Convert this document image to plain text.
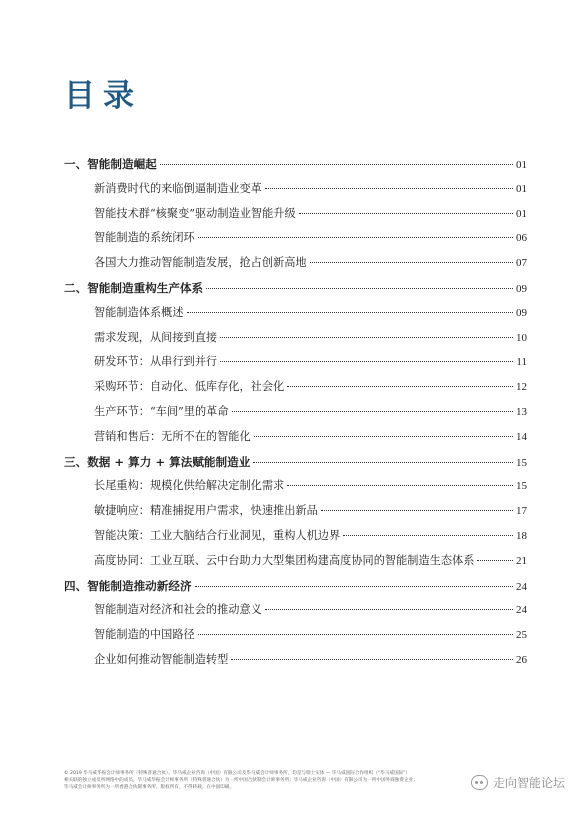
目录
一、智能制造崛起	01
新消费时代的来临倒逼制造业变革	01
智能技术群“核聚变”驱动制造业智能升级	01
智能制造的系统闭环	06
各国大力推动智能制造发展，抢占创新高地	07
二、智能制造重构生产体系	09
智能制造体系概述	09
需求发现，从间接到直接	10
研发环节：从串行到并行	11
采购环节：自动化、低库存化，社会化	12
生产环节：“车间”里的革命	13
营销和售后：无所不在的智能化	14
三、数据 + 算力 + 算法赋能制造业	15
长尾重构：规模化供给解决定制化需求	15
敏捷响应：精准捕捉用户需求，快速推出新品	17
智能决策：工业大脑结合行业洞见，重构人机边界	18
高度协同：工业互联、云中台助力大型集团构建高度协同的智能制造生态体系	21
四、智能制造推动新经济	24
智能制造对经济和社会的推动意义	24
智能制造的中国路径	25
企业如何推动智能制造转型	26
© 2019 毕马威华振会计师事务所（特殊普通合伙）、毕马威企业咨询（中国）有限公司及毕马威会计师事务所，均是与瑞士实体 — 毕马威国际合作组织（“毕马威国际”）
相关联的独立成员所网络中的成员。毕马威华振会计师事务所（特殊普通合伙）为一所中国合伙制会计师事务所；毕马威企业咨询（中国）有限公司为一所中国外商独资企业；
毕马威会计师事务所为一所香港合伙制事务所。版权所有，不得转载。在中国印刷。	走向智能论坛
